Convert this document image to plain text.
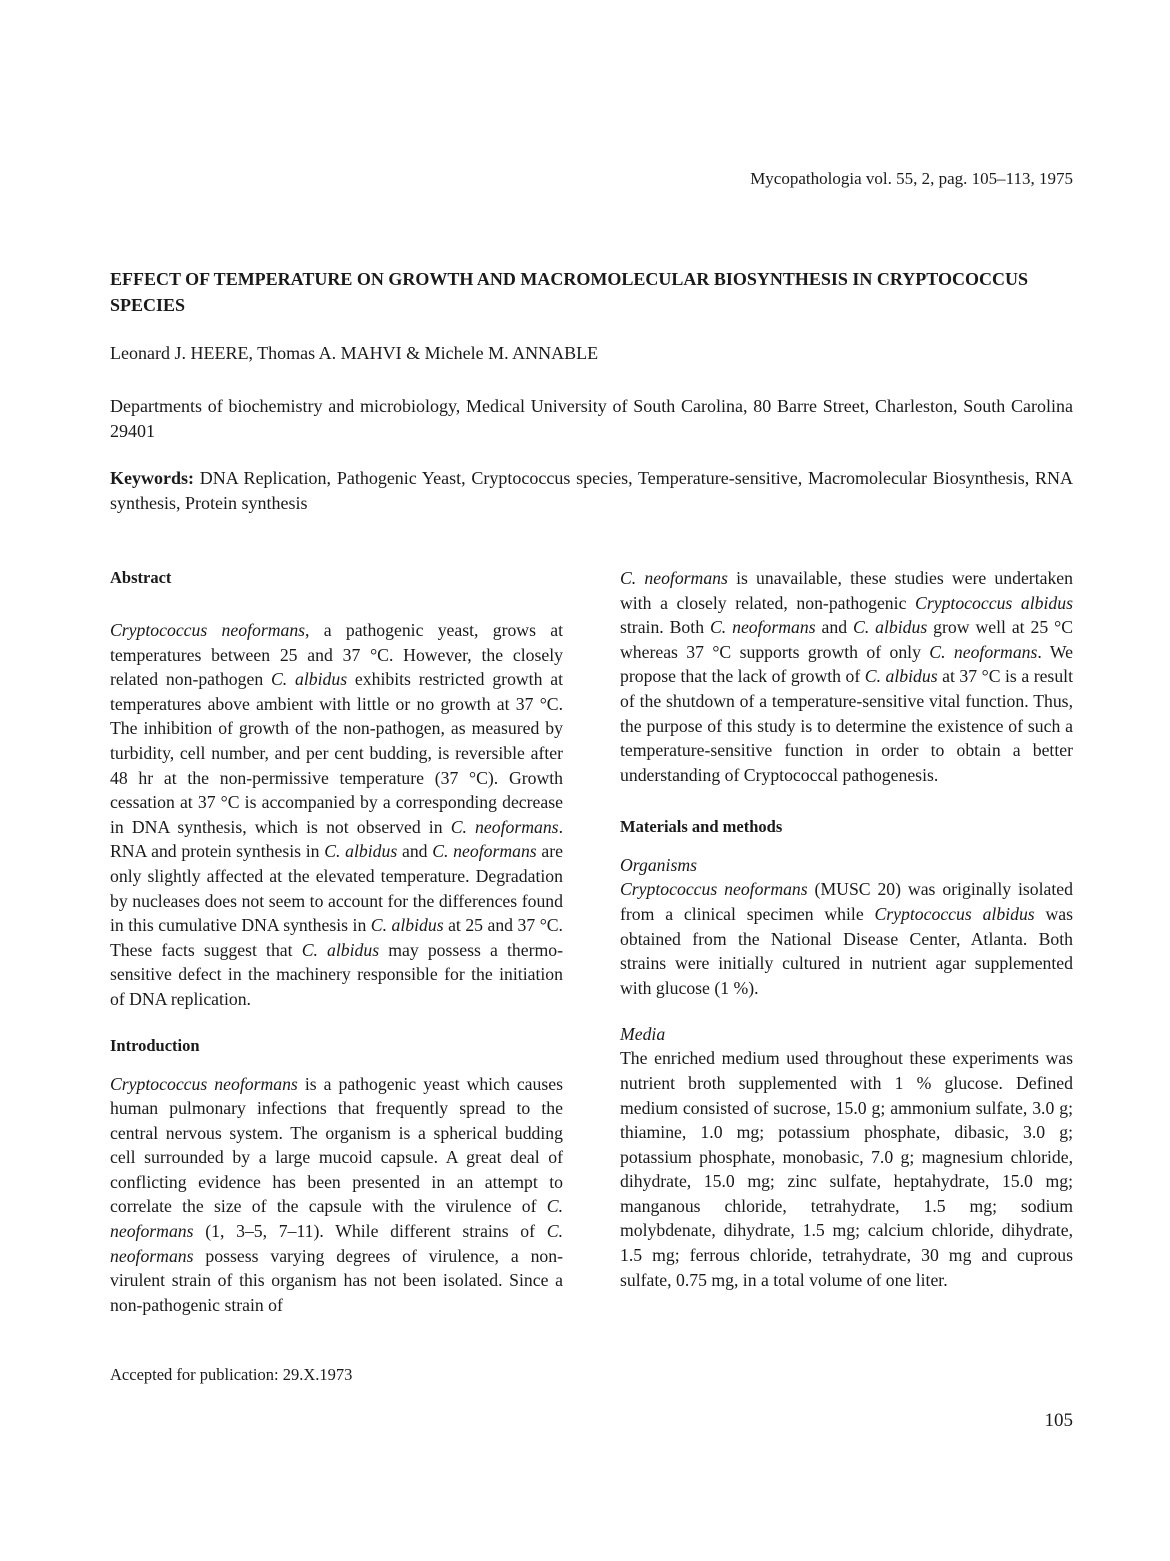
Mycopathologia vol. 55, 2, pag. 105–113, 1975
EFFECT OF TEMPERATURE ON GROWTH AND MACROMOLECULAR BIOSYNTHESIS IN CRYPTOCOCCUS SPECIES
Leonard J. HEERE, Thomas A. MAHVI & Michele M. ANNABLE
Departments of biochemistry and microbiology, Medical University of South Carolina, 80 Barre Street, Charleston, South Carolina 29401
Keywords: DNA Replication, Pathogenic Yeast, Cryptococcus species, Temperature-sensitive, Macromolecular Biosynthesis, RNA synthesis, Protein synthesis
Abstract

Cryptococcus neoformans, a pathogenic yeast, grows at temperatures between 25 and 37 °C. However, the closely related non-pathogen C. albidus exhibits restricted growth at temperatures above ambient with little or no growth at 37 °C. The inhibition of growth of the non-pathogen, as measured by turbidity, cell number, and per cent budding, is reversible after 48 hr at the non-permissive temperature (37 °C). Growth cessation at 37 °C is accompanied by a corresponding decrease in DNA synthesis, which is not observed in C. neoformans. RNA and protein synthesis in C. albidus and C. neoformans are only slightly affected at the elevated temperature. Degradation by nucleases does not seem to account for the differences found in this cumulative DNA synthesis in C. albidus at 25 and 37 °C. These facts suggest that C. albidus may possess a thermo-sensitive defect in the machinery responsible for the initiation of DNA replication.

Introduction

Cryptococcus neoformans is a pathogenic yeast which causes human pulmonary infections that frequently spread to the central nervous system. The organism is a spherical budding cell surrounded by a large mucoid capsule. A great deal of conflicting evidence has been presented in an attempt to correlate the size of the capsule with the virulence of C. neoformans (1, 3–5, 7–11). While different strains of C. neoformans possess varying degrees of virulence, a non-virulent strain of this organism has not been isolated. Since a non-pathogenic strain of

C. neoformans is unavailable, these studies were undertaken with a closely related, non-pathogenic Cryptococcus albidus strain. Both C. neoformans and C. albidus grow well at 25 °C whereas 37 °C supports growth of only C. neoformans. We propose that the lack of growth of C. albidus at 37 °C is a result of the shutdown of a temperature-sensitive vital function. Thus, the purpose of this study is to determine the existence of such a temperature-sensitive function in order to obtain a better understanding of Cryptococcal pathogenesis.

Materials and methods
Organisms

Cryptococcus neoformans (MUSC 20) was originally isolated from a clinical specimen while Cryptococcus albidus was obtained from the National Disease Center, Atlanta. Both strains were initially cultured in nutrient agar supplemented with glucose (1 %).

Media

The enriched medium used throughout these experiments was nutrient broth supplemented with 1 % glucose. Defined medium consisted of sucrose, 15.0 g; ammonium sulfate, 3.0 g; thiamine, 1.0 mg; potassium phosphate, dibasic, 3.0 g; potassium phosphate, monobasic, 7.0 g; magnesium chloride, dihydrate, 15.0 mg; zinc sulfate, heptahydrate, 15.0 mg; manganous chloride, tetrahydrate, 1.5 mg; sodium molybdenate, dihydrate, 1.5 mg; calcium chloride, dihydrate, 1.5 mg; ferrous chloride, tetrahydrate, 30 mg and cuprous sulfate, 0.75 mg, in a total volume of one liter.

Accepted for publication: 29.X.1973
105
